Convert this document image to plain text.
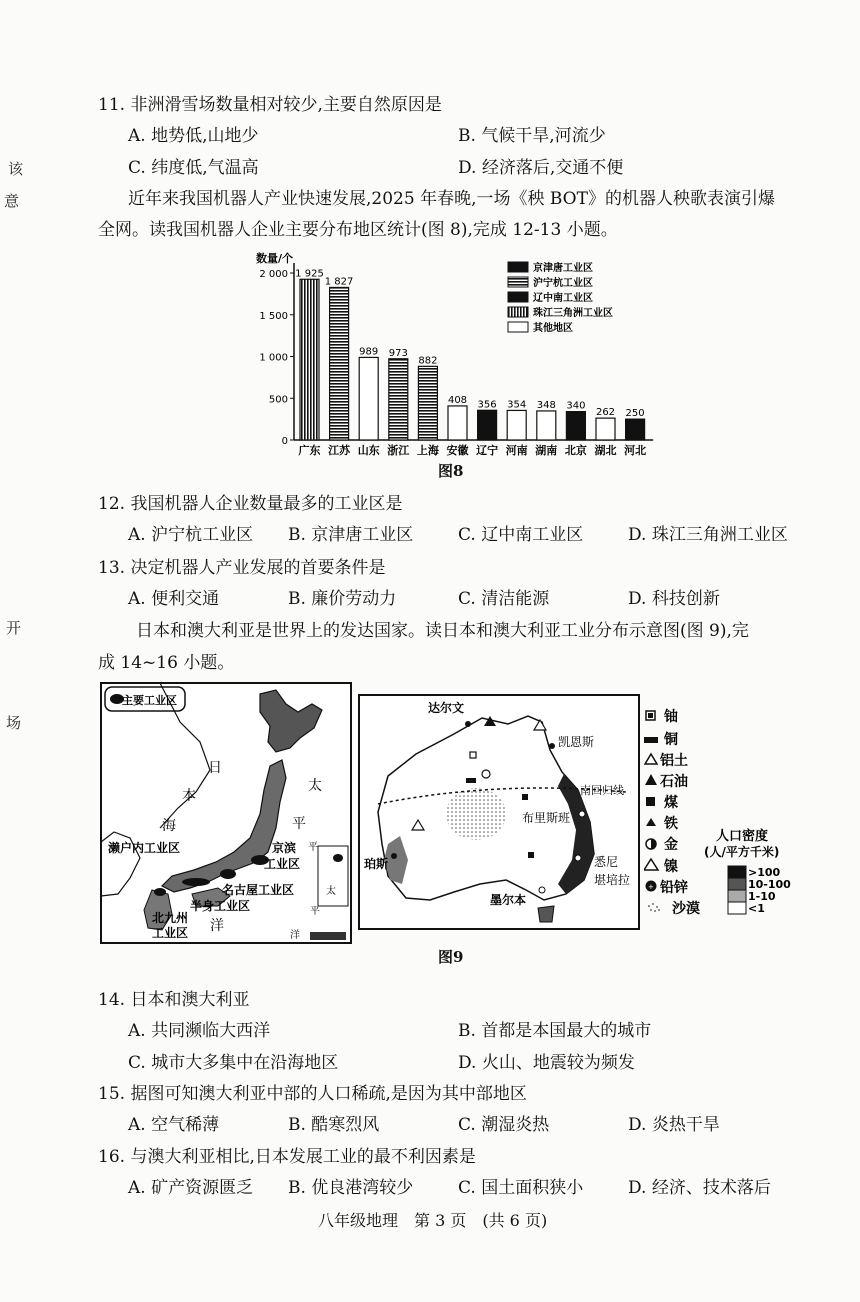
该
意
开
场
11. 非洲滑雪场数量相对较少,主要自然原因是
A. 地势低,山地少	B. 气候干旱,河流少
C. 纬度低,气温高	D. 经济落后,交通不便
近年来我国机器人产业快速发展,2025 年春晚,一场《秧 BOT》的机器人秧歌表演引爆
全网。读我国机器人企业主要分布地区统计(图 8),完成 12-13 小题。
数量/个
0
500
1 000
1 500
2 000 1 925
广东
1 827
江苏
989
山东
973
浙江
882
上海
408
安徽
356
辽宁
354
河南
348
湖南
340
北京
262
湖北
250
河北
京津唐工业区
沪宁杭工业区
辽中南工业区
珠江三角洲工业区
其他地区
图8
12. 我国机器人企业数量最多的工业区是
A. 沪宁杭工业区 B. 京津唐工业区	C. 辽中南工业区	D. 珠江三角洲工业区
13. 决定机器人产业发展的首要条件是
A. 便利交通	B. 廉价劳动力	C. 清洁能源	D. 科技创新
日本和澳大利亚是世界上的发达国家。读日本和澳大利亚工业分布示意图(图 9),完
成 14~16 小题。
主要工业区
日
本
海
太
平
洋
平
太
平
洋
濑户内工业区	京滨
工业区
名古屋工业区
半身工业区
北九州
工业区
达尔文
凯恩斯
布里斯班
珀斯	悉尼
堪培拉
墨尔本
南回归线
+
铀
铜
铝土
石油
煤
铁
金
镍
铅锌
沙漠
人口密度
(人/平方千米)
>100
10-100
1-10
<1
图9
14. 日本和澳大利亚
A. 共同濒临大西洋	B. 首都是本国最大的城市
C. 城市大多集中在沿海地区	D. 火山、地震较为频发
15. 据图可知澳大利亚中部的人口稀疏,是因为其中部地区
A. 空气稀薄	B. 酷寒烈风	C. 潮湿炎热	D. 炎热干旱
16. 与澳大利亚相比,日本发展工业的最不利因素是
A. 矿产资源匮乏 B. 优良港湾较少	C. 国土面积狭小	D. 经济、技术落后
八年级地理　第 3 页　(共 6 页)
